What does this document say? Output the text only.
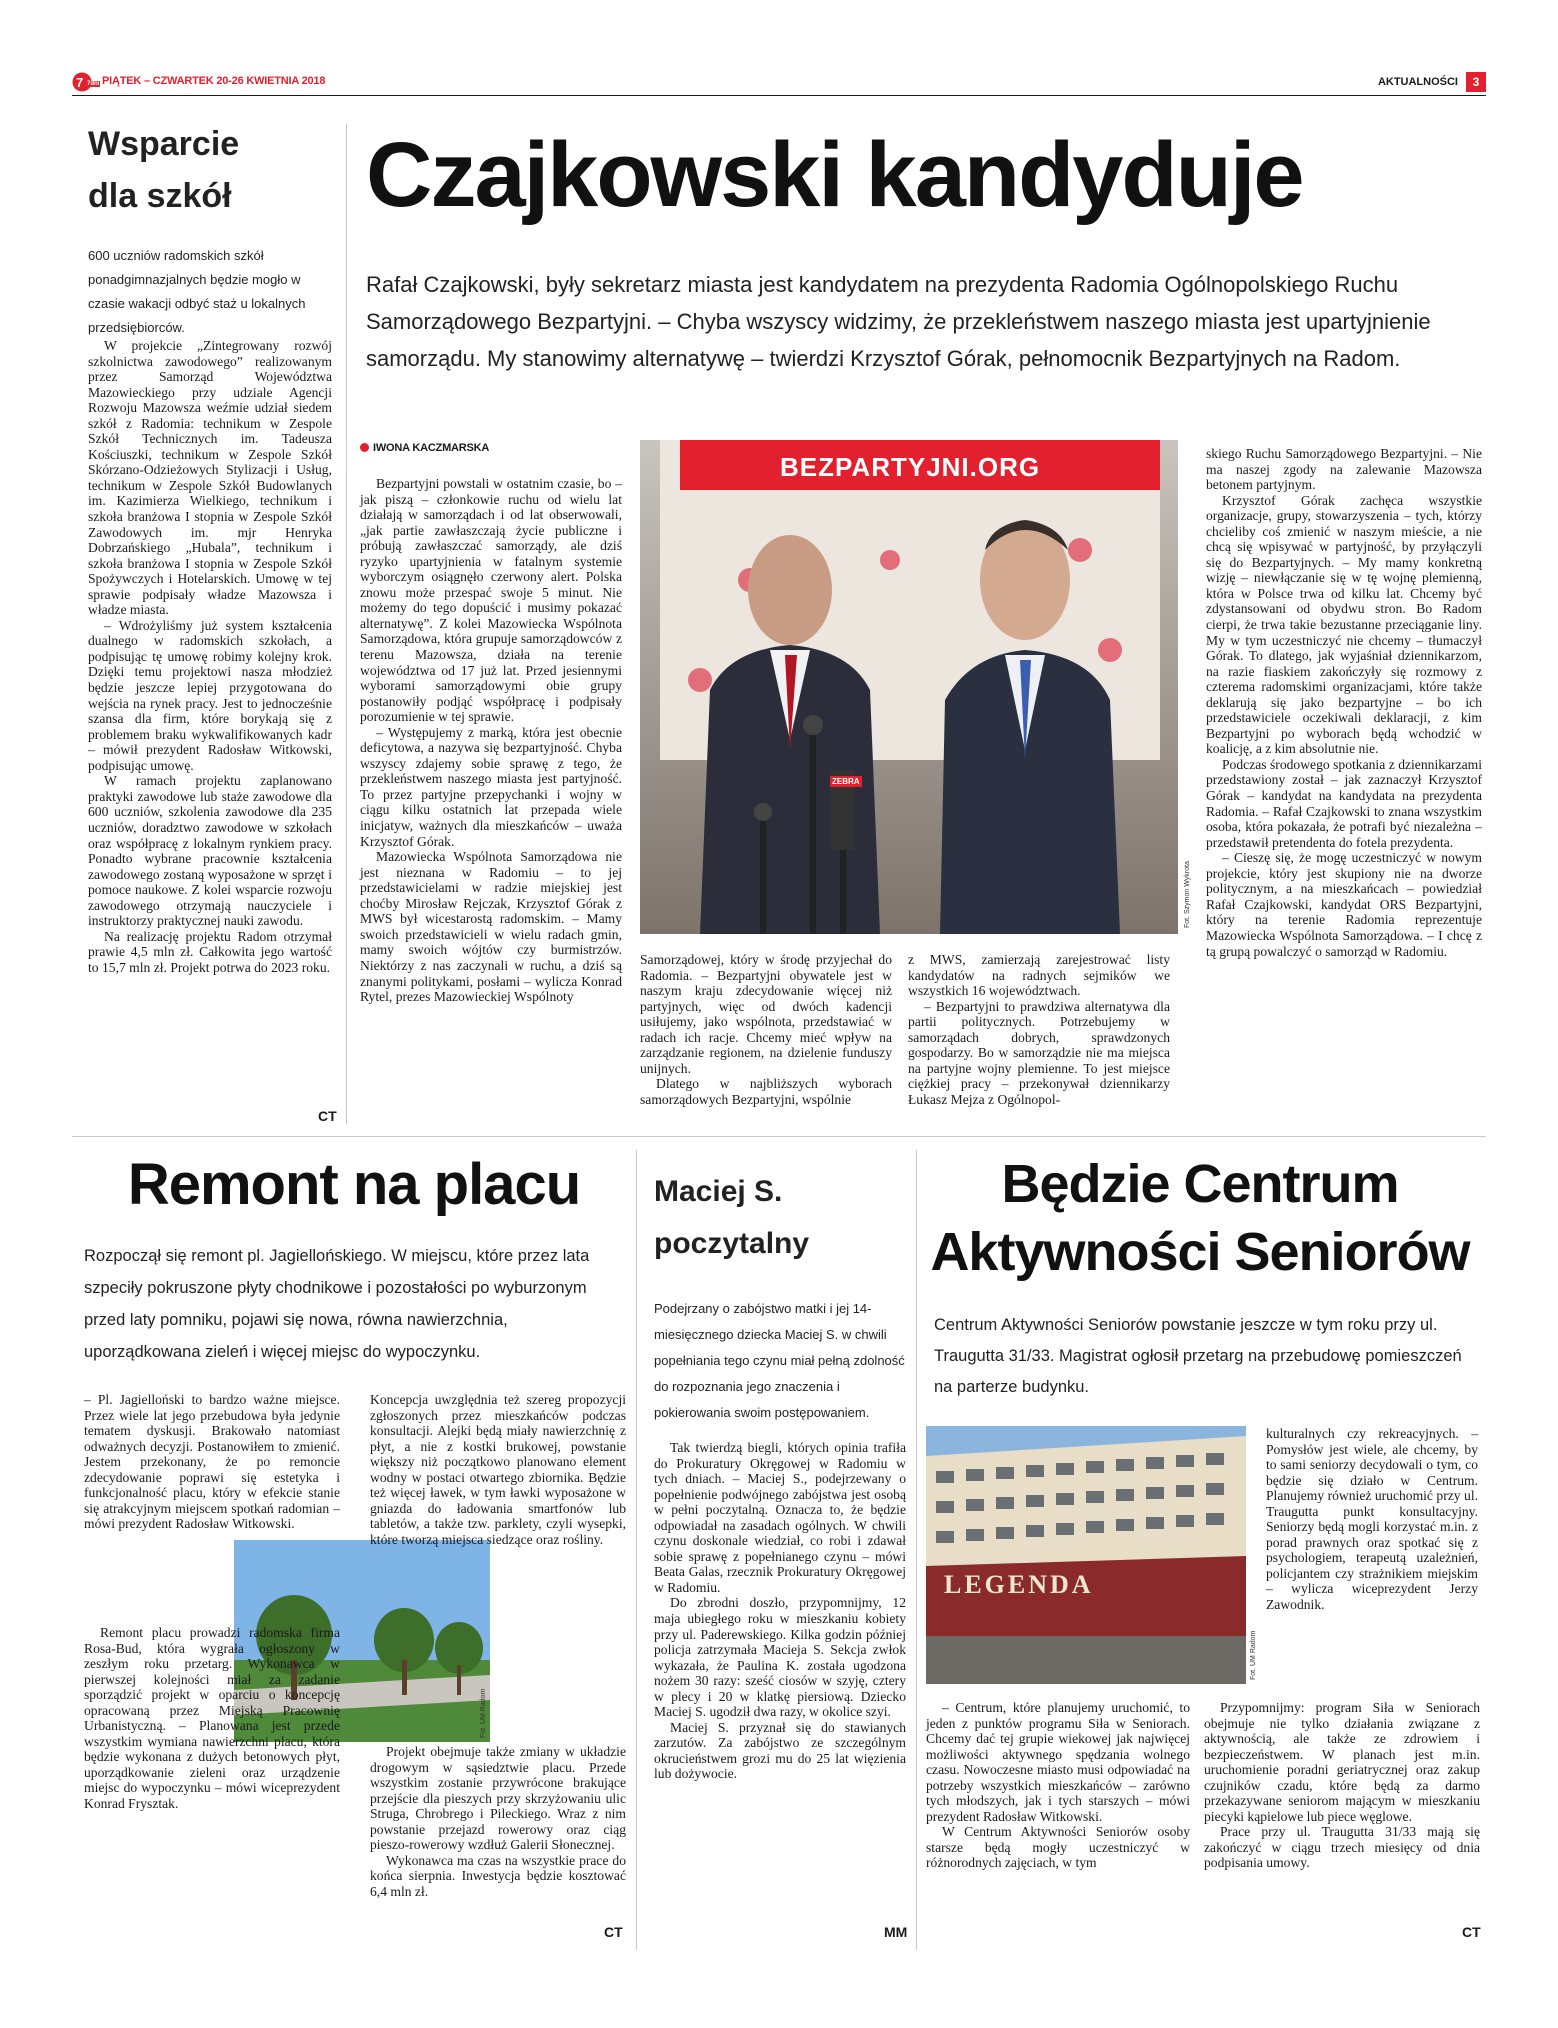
7 7dni PIĄTEK – CZWARTEK 20-26 KWIETNIA 2018	AKTUALNOŚCI	3
Wsparcie
dla szkół
600 uczniów radomskich szkół ponadgimnazjalnych będzie mogło w czasie wakacji odbyć staż u lokalnych przedsiębiorców.

W projekcie „Zintegrowany rozwój szkolnictwa zawodowego” realizowanym przez Samorząd Województwa Mazowieckiego przy udziale Agencji Rozwoju Mazowsza weźmie udział siedem szkół z Radomia: technikum w Zespole Szkół Technicznych im. Tadeusza Kościuszki, technikum w Zespole Szkół Skórzano-Odzieżowych Stylizacji i Usług, technikum w Zespole Szkół Budowlanych im. Kazimierza Wielkiego, technikum i szkoła branżowa I stopnia w Zespole Szkół Zawodowych im. mjr Henryka Dobrzańskiego „Hubala”, technikum i szkoła branżowa I stopnia w Zespole Szkół Spożywczych i Hotelarskich. Umowę w tej sprawie podpisały władze Mazowsza i władze miasta.

– Wdrożyliśmy już system kształcenia dualnego w radomskich szkołach, a podpisując tę umowę robimy kolejny krok. Dzięki temu projektowi nasza młodzież będzie jeszcze lepiej przygotowana do wejścia na rynek pracy. Jest to jednocześnie szansa dla firm, które borykają się z problemem braku wykwalifikowanych kadr – mówił prezydent Radosław Witkowski, podpisując umowę.

W ramach projektu zaplanowano praktyki zawodowe lub staże zawodowe dla 600 uczniów, szkolenia zawodowe dla 235 uczniów, doradztwo zawodowe w szkołach oraz współpracę z lokalnym rynkiem pracy. Ponadto wybrane pracownie kształcenia zawodowego zostaną wyposażone w sprzęt i pomoce naukowe. Z kolei wsparcie rozwoju zawodowego otrzymają nauczyciele i instruktorzy praktycznej nauki zawodu.

Na realizację projektu Radom otrzymał prawie 4,5 mln zł. Całkowita jego wartość to 15,7 mln zł. Projekt potrwa do 2023 roku.

CT
Czajkowski kandyduje
Rafał Czajkowski, były sekretarz miasta jest kandydatem na prezydenta Radomia Ogólnopolskiego Ruchu Samorządowego Bezpartyjni. – Chyba wszyscy widzimy, że przekleństwem naszego miasta jest upartyjnienie samorządu. My stanowimy alternatywę – twierdzi Krzysztof Górak, pełnomocnik Bezpartyjnych na Radom.
IWONA KACZMARSKA

Bezpartyjni powstali w ostatnim czasie, bo – jak piszą – członkowie ruchu od wielu lat działają w samorządach i od lat obserwowali, „jak partie zawłaszczają życie publiczne i próbują zawłaszczać samorządy, ale dziś ryzyko upartyjnienia w fatalnym systemie wyborczym osiągnęło czerwony alert. Polska znowu może przespać swoje 5 minut. Nie możemy do tego dopuścić i musimy pokazać alternatywę”. Z kolei Mazowiecka Wspólnota Samorządowa, która grupuje samorządowców z terenu Mazowsza, działa na terenie województwa od 17 już lat. Przed jesiennymi wyborami samorządowymi obie grupy postanowiły podjąć współpracę i podpisały porozumienie w tej sprawie.

– Występujemy z marką, która jest obecnie deficytowa, a nazywa się bezpartyjność. Chyba wszyscy zdajemy sobie sprawę z tego, że przekleństwem naszego miasta jest partyjność. To przez partyjne przepychanki i wojny w ciągu kilku ostatnich lat przepada wiele inicjatyw, ważnych dla mieszkańców – uważa Krzysztof Górak.

Mazowiecka Wspólnota Samorządowa nie jest nieznana w Radomiu – to jej przedstawicielami w radzie miejskiej jest choćby Mirosław Rejczak, Krzysztof Górak z MWS był wicestarostą radomskim. – Mamy swoich przedstawicieli w wielu radach gmin, mamy swoich wójtów czy burmistrzów. Niektórzy z nas zaczynali w ruchu, a dziś są znanymi politykami, posłami – wylicza Konrad Rytel, prezes Mazowieckiej Wspólnoty

BEZPARTYJNI.ORG
ZEBRA
Fot. Szymon Wykrota

Samorządowej, który w środę przyjechał do Radomia. – Bezpartyjni obywatele jest w naszym kraju zdecydowanie więcej niż partyjnych, więc od dwóch kadencji usiłujemy, jako wspólnota, przedstawiać w radach ich racje. Chcemy mieć wpływ na zarządzanie regionem, na dzielenie funduszy unijnych.

Dlatego w najbliższych wyborach samorządowych Bezpartyjni, wspólnie

z MWS, zamierzają zarejestrować listy kandydatów na radnych sejmików we wszystkich 16 województwach.

– Bezpartyjni to prawdziwa alternatywa dla partii politycznych. Potrzebujemy w samorządach dobrych, sprawdzonych gospodarzy. Bo w samorządzie nie ma miejsca na partyjne wojny plemienne. To jest miejsce ciężkiej pracy – przekonywał dziennikarzy Łukasz Mejza z Ogólnopol-

skiego Ruchu Samorządowego Bezpartyjni. – Nie ma naszej zgody na zalewanie Mazowsza betonem partyjnym.

Krzysztof Górak zachęca wszystkie organizacje, grupy, stowarzyszenia – tych, którzy chcieliby coś zmienić w naszym mieście, a nie chcą się wpisywać w partyjność, by przyłączyli się do Bezpartyjnych. – My mamy konkretną wizję – niewłączanie się w tę wojnę plemienną, która w Polsce trwa od kilku lat. Chcemy być zdystansowani od obydwu stron. Bo Radom cierpi, że trwa takie bezustanne przeciąganie liny. My w tym uczestniczyć nie chcemy – tłumaczył Górak. To dlatego, jak wyjaśniał dziennikarzom, na razie fiaskiem zakończyły się rozmowy z czterema radomskimi organizacjami, które także deklarują się jako bezpartyjne – bo ich przedstawiciele oczekiwali deklaracji, z kim Bezpartyjni po wyborach będą wchodzić w koalicję, a z kim absolutnie nie.

Podczas środowego spotkania z dziennikarzami przedstawiony został – jak zaznaczył Krzysztof Górak – kandydat na kandydata na prezydenta Radomia. – Rafał Czajkowski to znana wszystkim osoba, która pokazała, że potrafi być niezależna – przedstawił pretendenta do fotela prezydenta.

– Cieszę się, że mogę uczestniczyć w nowym projekcie, który jest skupiony nie na dworze politycznym, a na mieszkańcach – powiedział Rafał Czajkowski, kandydat ORS Bezpartyjni, który na terenie Radomia reprezentuje Mazowiecka Wspólnota Samorządowa. – I chcę z tą grupą powalczyć o samorząd w Radomiu.

Remont na placu
Rozpoczął się remont pl. Jagiellońskiego. W miejscu, które przez lata szpeciły pokruszone płyty chodnikowe i pozostałości po wyburzonym przed laty pomniku, pojawi się nowa, równa nawierzchnia, uporządkowana zieleń i więcej miejsc do wypoczynku.

– Pl. Jagielloński to bardzo ważne miejsce. Przez wiele lat jego przebudowa była jedynie tematem dyskusji. Brakowało natomiast odważnych decyzji. Postanowiłem to zmienić. Jestem przekonany, że po remoncie zdecydowanie poprawi się estetyka i funkcjonalność placu, który w efekcie stanie się atrakcyjnym miejscem spotkań radomian – mówi prezydent Radosław Witkowski.

Fot. UM Radom

Remont placu prowadzi radomska firma Rosa-Bud, która wygrała ogłoszony w zeszłym roku przetarg. Wykonawca w pierwszej kolejności miał za zadanie sporządzić projekt w oparciu o koncepcję opracowaną przez Miejską Pracownię Urbanistyczną. – Planowana jest przede wszystkim wymiana nawierzchni placu, która będzie wykonana z dużych betonowych płyt, uporządkowanie zieleni oraz urządzenie miejsc do wypoczynku – mówi wiceprezydent Konrad Frysztak.

Koncepcja uwzględnia też szereg propozycji zgłoszonych przez mieszkańców podczas konsultacji. Alejki będą miały nawierzchnię z płyt, a nie z kostki brukowej, powstanie większy niż początkowo planowano element wodny w postaci otwartego zbiornika. Będzie też więcej ławek, w tym ławki wyposażone w gniazda do ładowania smartfonów lub tabletów, a także tzw. parklety, czyli wysepki, które tworzą miejsca siedzące oraz rośliny.

Projekt obejmuje także zmiany w układzie drogowym w sąsiedztwie placu. Przede wszystkim zostanie przywrócone brakujące przejście dla pieszych przy skrzyżowaniu ulic Struga, Chrobrego i Pileckiego. Wraz z nim powstanie przejazd rowerowy oraz ciąg pieszo-rowerowy wzdłuż Galerii Słonecznej.

Wykonawca ma czas na wszystkie prace do końca sierpnia. Inwestycja będzie kosztować 6,4 mln zł.

CT
Maciej S.
poczytalny
Podejrzany o zabójstwo matki i jej 14-miesięcznego dziecka Maciej S. w chwili popełniania tego czynu miał pełną zdolność do rozpoznania jego znaczenia i pokierowania swoim postępowaniem.

Tak twierdzą biegli, których opinia trafiła do Prokuratury Okręgowej w Radomiu w tych dniach. – Maciej S., podejrzewany o popełnienie podwójnego zabójstwa jest osobą w pełni poczytalną. Oznacza to, że będzie odpowiadał na zasadach ogólnych. W chwili czynu doskonale wiedział, co robi i zdawał sobie sprawę z popełnianego czynu – mówi Beata Galas, rzecznik Prokuratury Okręgowej w Radomiu.

Do zbrodni doszło, przypomnijmy, 12 maja ubiegłego roku w mieszkaniu kobiety przy ul. Paderewskiego. Kilka godzin później policja zatrzymała Macieja S. Sekcja zwłok wykazała, że Paulina K. została ugodzona nożem 30 razy: sześć ciosów w szyję, cztery w plecy i 20 w klatkę piersiową. Dziecko Maciej S. ugodził dwa razy, w okolice szyi.

Maciej S. przyznał się do stawianych zarzutów. Za zabójstwo ze szczególnym okrucieństwem grozi mu do 25 lat więzienia lub dożywocie.

MM
Będzie Centrum
Aktywności Seniorów
Centrum Aktywności Seniorów powstanie jeszcze w tym roku przy ul. Traugutta 31/33. Magistrat ogłosił przetarg na przebudowę pomieszczeń na parterze budynku.
LEGENDA
Fot. UM Radom

kulturalnych czy rekreacyjnych. – Pomysłów jest wiele, ale chcemy, by to sami seniorzy decydowali o tym, co będzie się działo w Centrum. Planujemy również uruchomić przy ul. Traugutta punkt konsultacyjny. Seniorzy będą mogli korzystać m.in. z porad prawnych oraz spotkać się z psychologiem, terapeutą uzależnień, policjantem czy strażnikiem miejskim – wylicza wiceprezydent Jerzy Zawodnik.

Przypomnijmy: program Siła w Seniorach obejmuje nie tylko działania związane z aktywnością, ale także ze zdrowiem i bezpieczeństwem. W planach jest m.in. uruchomienie poradni geriatrycznej oraz zakup czujników czadu, które będą za darmo przekazywane seniorom mającym w mieszkaniu piecyki kąpielowe lub piece węglowe.

Prace przy ul. Traugutta 31/33 mają się zakończyć w ciągu trzech miesięcy od dnia podpisania umowy.

– Centrum, które planujemy uruchomić, to jeden z punktów programu Siła w Seniorach. Chcemy dać tej grupie wiekowej jak najwięcej możliwości aktywnego spędzania wolnego czasu. Nowoczesne miasto musi odpowiadać na potrzeby wszystkich mieszkańców – zarówno tych młodszych, jak i tych starszych – mówi prezydent Radosław Witkowski.

W Centrum Aktywności Seniorów osoby starsze będą mogły uczestniczyć w różnorodnych zajęciach, w tym

CT
